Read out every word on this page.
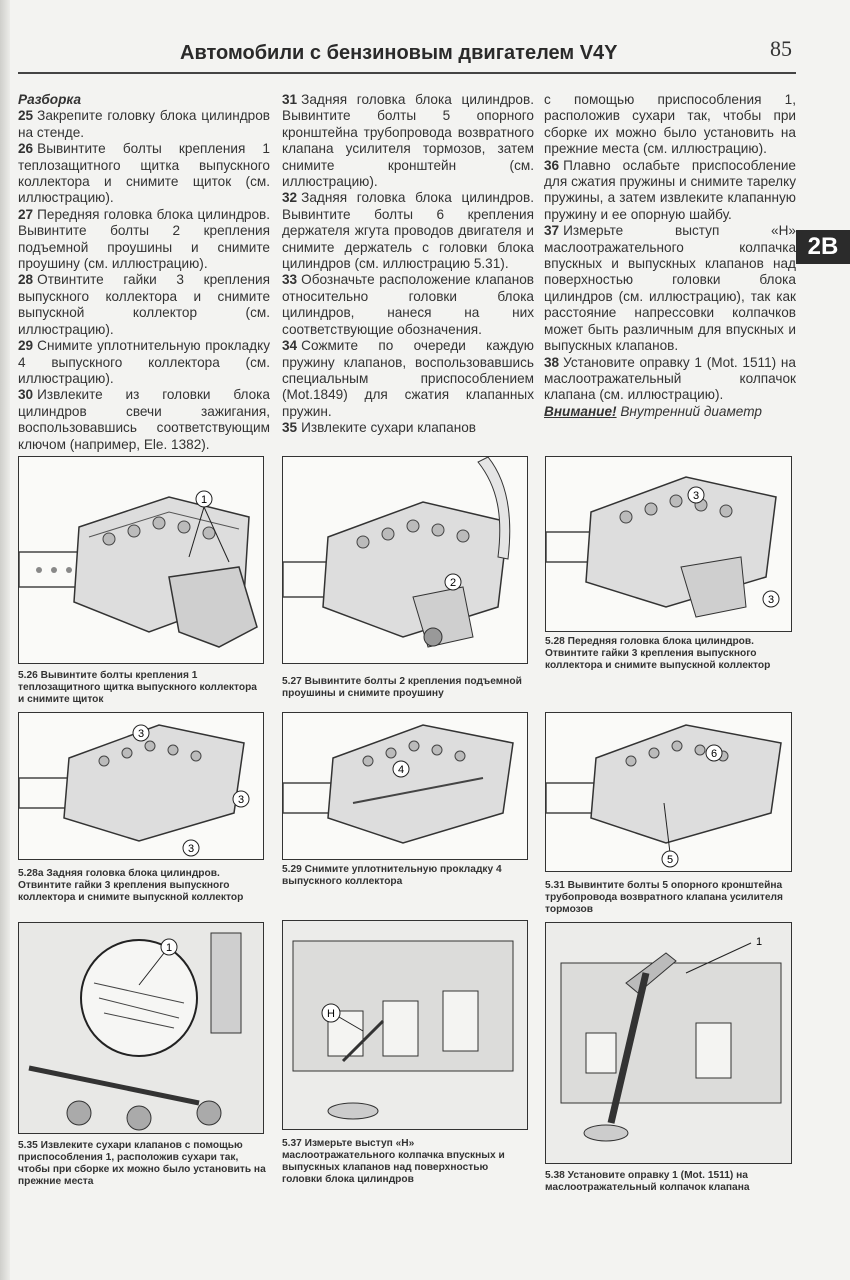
Автомобили с бензиновым двигателем V4Y	85
2B

Разборка

25 Закрепите головку блока цилиндров на стенде.

26 Вывинтите болты крепления 1 теплозащитного щитка выпускного коллектора и снимите щиток (см. иллюстрацию).

27 Передняя головка блока цилиндров. Вывинтите болты 2 крепления подъемной проушины и снимите проушину (см. иллюстрацию).

28 Отвинтите гайки 3 крепления выпускного коллектора и снимите выпускной коллектор (см. иллюстрацию).

29 Снимите уплотнительную прокладку 4 выпускного коллектора (см. иллюстрацию).

30 Извлеките из головки блока цилиндров свечи зажигания, воспользовавшись соответствующим ключом (например, Ele. 1382).

31 Задняя головка блока цилиндров. Вывинтите болты 5 опорного кронштейна трубопровода возвратного клапана усилителя тормозов, затем снимите кронштейн (см. иллюстрацию).

32 Задняя головка блока цилиндров. Вывинтите болты 6 крепления держателя жгута проводов двигателя и снимите держатель с головки блока цилиндров (см. иллюстрацию 5.31).

33 Обозначьте расположение клапанов относительно головки блока цилиндров, нанеся на них соответствующие обозначения.

34 Сожмите по очереди каждую пружину клапанов, воспользовавшись специальным приспособлением (Mot.1849) для сжатия клапанных пружин.

35 Извлеките сухари клапанов

с помощью приспособления 1, расположив сухари так, чтобы при сборке их можно было установить на прежние места (см. иллюстрацию).

36 Плавно ослабьте приспособление для сжатия пружины и снимите тарелку пружины, а затем извлеките клапанную пружину и ее опорную шайбу.

37 Измерьте выступ «Н» маслоотражательного колпачка впускных и выпускных клапанов над поверхностью головки блока цилиндров (см. иллюстрацию), так как расстояние напрессовки колпачков может быть различным для впускных и выпускных клапанов.

38 Установите оправку 1 (Mot. 1511) на маслоотражательный колпачок клапана (см. иллюстрацию).

Внимание! Внутренний диаметр

1
5.26 Вывинтите болты крепления 1 теплозащитного щитка выпускного коллектора и снимите щиток
2
5.27 Вывинтите болты 2 крепления подъемной проушины и снимите проушину
3
3
5.28 Передняя головка блока цилиндров. Отвинтите гайки 3 крепления выпускного коллектора и снимите выпускной коллектор
3
3
3
5.28а Задняя головка блока цилиндров. Отвинтите гайки 3 крепления выпускного коллектора и снимите выпускной коллектор
4
5.29 Снимите уплотнительную прокладку 4 выпускного коллектора
6
5
5.31 Вывинтите болты 5 опорного кронштейна трубопровода возвратного клапана усилителя тормозов
1
5.35 Извлеките сухари клапанов с помощью приспособления 1, расположив сухари так, чтобы при сборке их можно было установить на прежние места
H
5.37 Измерьте выступ «Н» маслоотражательного колпачка впускных и выпускных клапанов над поверхностью головки блока цилиндров
1
5.38 Установите оправку 1 (Mot. 1511) на маслоотражательный колпачок клапана
